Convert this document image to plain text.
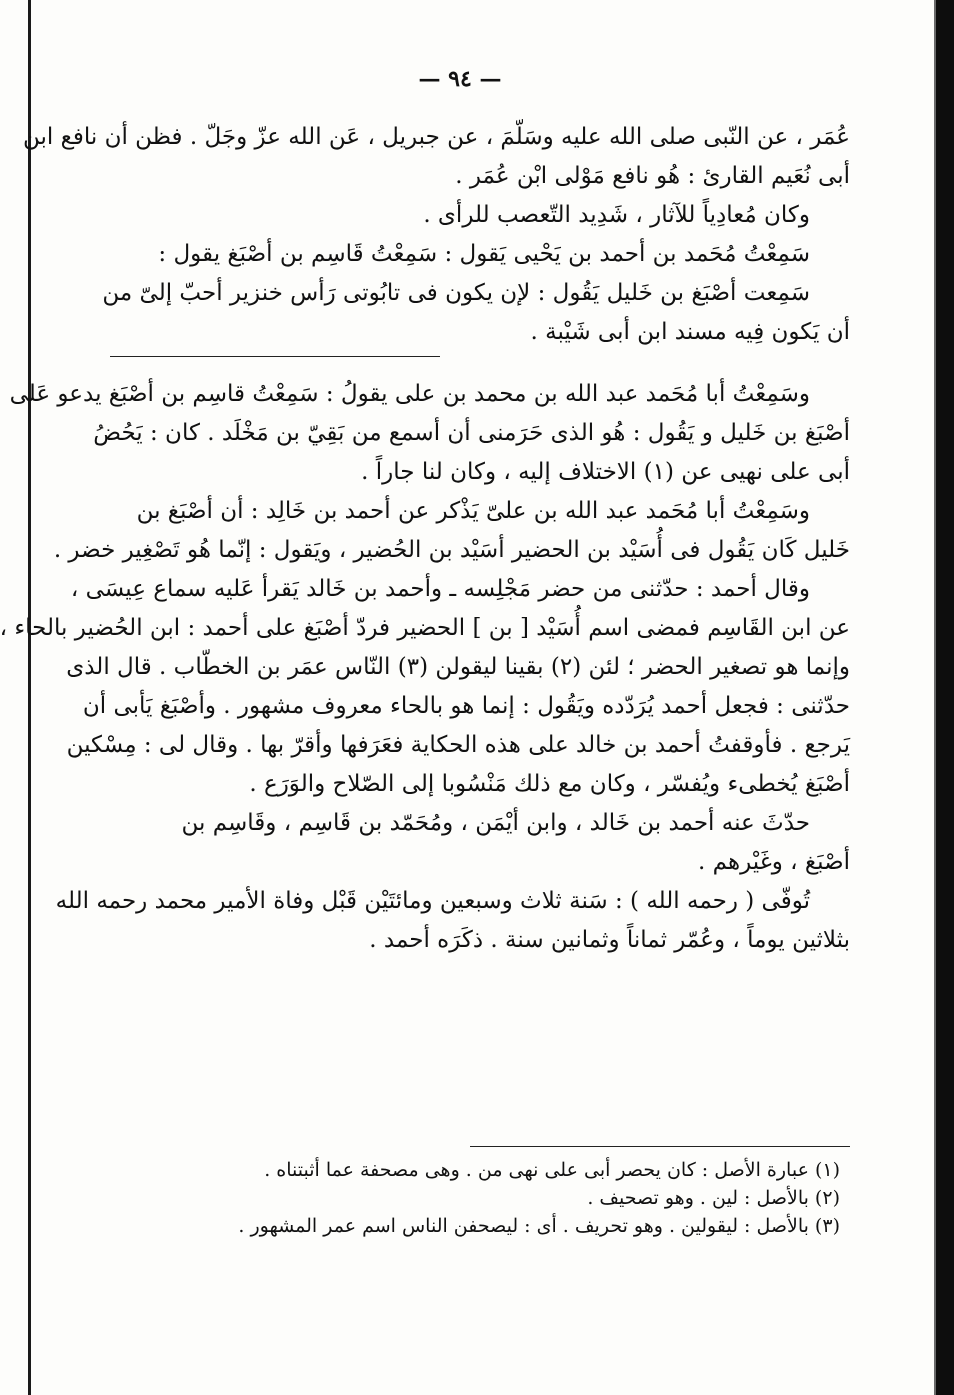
— ٩٤ —
عُمَر ، عن النّبى صلى الله عليه وسَلّمَ ، عن جبريل ، عَن الله عزّ وجَلّ . فظن أن نافع ابن
أبى نُعَيم القارئ : هُو نافع مَوْلى ابْن عُمَر .
وكان مُعادِياً للآثار ، شَدِيد التّعصب للرأى .
سَمِعْتُ مُحَمد بن أحمد بن يَحْيى يَقول : سَمِعْتُ قَاسِم بن أصْبَغ يقول :
سَمِعت أصْبَغ بن خَليل يَقُول : لإن يكون فى تابُوتى رَأس خنزير أحبّ إلىّ من
أن يَكون فِيه مسند ابن أبى شَيْبة .
وسَمِعْتُ أبا مُحَمد عبد الله بن محمد بن على يقولُ : سَمِعْتُ قاسِم بن أصْبَغ يدعو عَلى
أصْبَغ بن خَليل و يَقُول : هُو الذى حَرَمنى أن أسمع من بَقِيّ بن مَخْلَد . كان : يَحُضُ
أبى على نهيى عن (١) الاختلاف إليه ، وكان لنا جاراً .
وسَمِعْتُ أبا مُحَمد عبد الله بن علىّ يَذْكر عن أحمد بن خَالِد : أن أصْبَغ بن
خَليل كَان يَقُول فى أُسَيْد بن الحضير أسَيْد بن الحُضير ، ويَقول : إنّما هُو تَصْغِير خضر .
وقال أحمد : حدّثنى من حضر مَجْلِسه ـ وأحمد بن خَالد يَقرأ عَليه سماع عِيسَى ،
عن ابن القَاسِم فمضى اسم أُسَيْد [ بن ] الحضير فردّ أصْبَغ على أحمد : ابن الحُضير بالحاء ،
وإنما هو تصغير الحضر ؛ لئن (٢) بقينا ليقولن (٣) النّاس عمَر بن الخطّاب . قال الذى
حدّثنى : فجعل أحمد يُرَدّده ويَقُول : إنما هو بالحاء معروف مشهور . وأصْبَغ يَأبى أن
يَرجع . فأوقفتُ أحمد بن خالد على هذه الحكاية فعَرَفها وأقرّ بها . وقال لى : مِسْكين
أصْبَغ يُخطىء ويُفسّر ، وكان مع ذلك مَنْسُوبا إلى الصّلاح والوَرَع .
حدّثَ عنه أحمد بن خَالد ، وابن أيْمَن ، ومُحَمّد بن قَاسِم ، وقَاسِم بن
أصْبَغ ، وغَيْرهم .
تُوفّى ( رحمه الله ) : سَنة ثلاث وسبعين ومائتَيْن قَبْل وفاة الأمير محمد رحمه الله
بثلاثين يوماً ، وعُمّر ثماناً وثمانين سنة . ذكَرَه أحمد .
(١) عبارة الأصل : كان يحصر أبى على نهى من . وهى مصحفة عما أثبتناه .
(٢) بالأصل : لين . وهو تصحيف .
(٣) بالأصل : ليقولين . وهو تحريف . أى : ليصحفن الناس اسم عمر المشهور .
